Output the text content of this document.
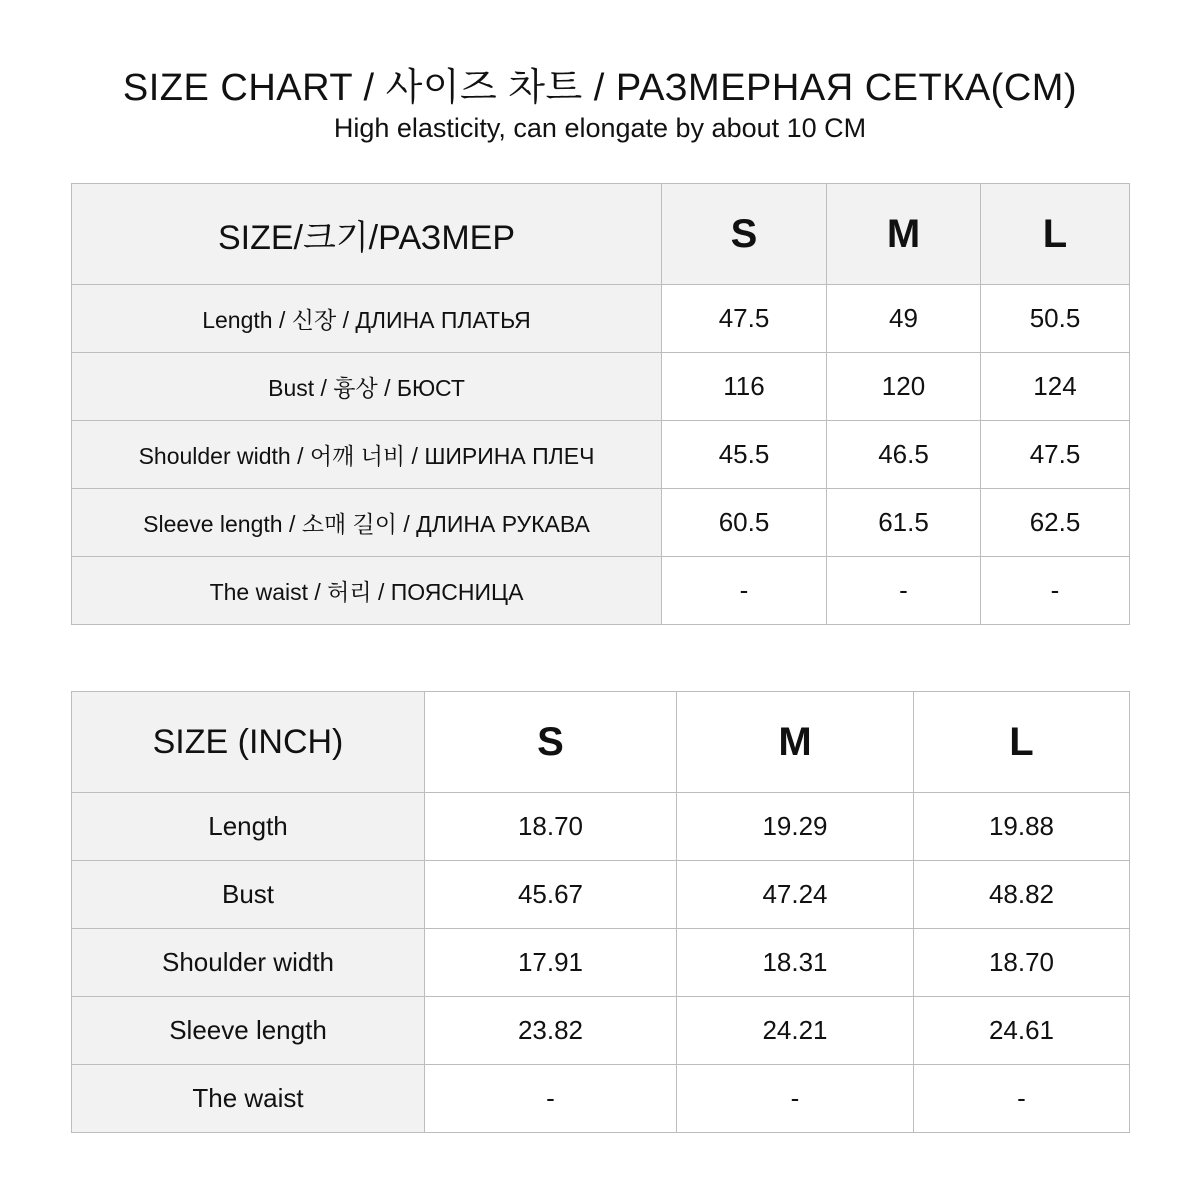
SIZE CHART / 사이즈 차트 / РАЗМЕРНАЯ СЕТКА(CM)
High elasticity, can elongate by about 10 CM
SIZE/크기/РАЗМЕР	S	M	L
Length / 신장 / ДЛИНА ПЛАТЬЯ	47.5	49	50.5
Bust / 흉상 / БЮСТ	116	120	124
Shoulder width / 어깨 너비 / ШИРИНА ПЛЕЧ	45.5	46.5	47.5
Sleeve length / 소매 길이 / ДЛИНА РУКАВА	60.5	61.5	62.5
The waist / 허리 / ПОЯСНИЦА	-	-	-
SIZE (INCH)	S	M	L
Length	18.70	19.29	19.88
Bust	45.67	47.24	48.82
Shoulder width	17.91	18.31	18.70
Sleeve length	23.82	24.21	24.61
The waist	-	-	-
